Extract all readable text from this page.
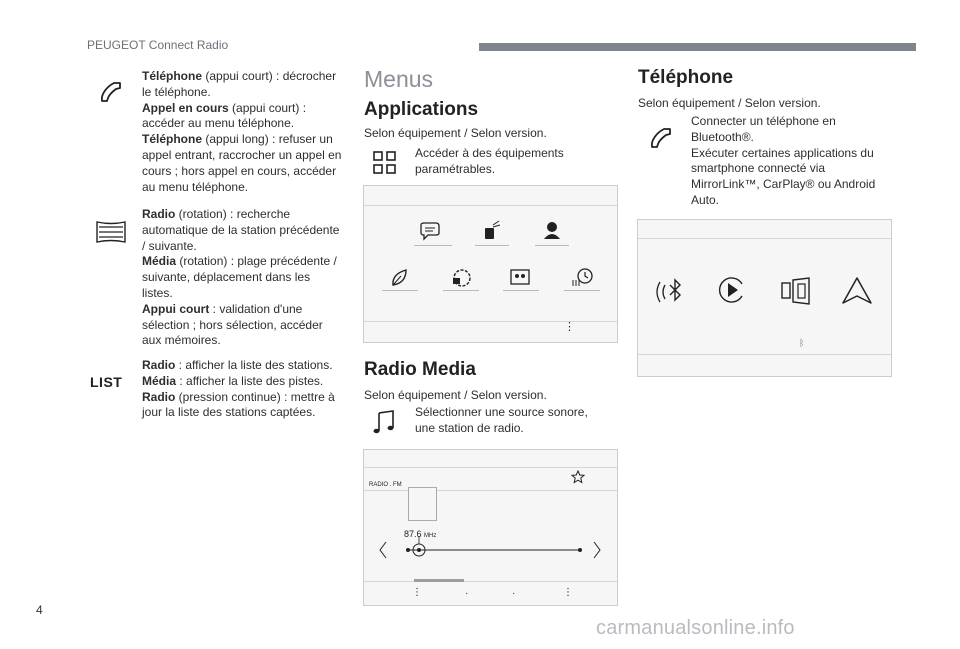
PEUGEOT Connect Radio

Téléphone (appui court) : décrocher le téléphone.

Appel en cours (appui court) : accéder au menu téléphone.

Téléphone (appui long) : refuser un appel entrant, raccrocher un appel en cours ; hors appel en cours, accéder au menu téléphone.

Radio (rotation) : recherche automatique de la station précédente / suivante.

Média (rotation) : plage précédente / suivante, déplacement dans les listes.

Appui court : validation d'une sélection ; hors sélection, accéder aux mémoires.

LIST

Radio : afficher la liste des stations.

Média : afficher la liste des pistes.

Radio (pression continue) : mettre à jour la liste des stations captées.

Menus
Applications
Selon équipement / Selon version.
Accéder à des équipements paramétrables.
⋮
Radio Media
Selon équipement / Selon version.
Sélectionner une source sonore, une station de radio.
RADIO . FM
87.6 MHz
⋮	·	·	⋮
Téléphone
Selon équipement / Selon version.
Connecter un téléphone en Bluetooth®.
Exécuter certaines applications du smartphone connecté via MirrorLink™, CarPlay® ou Android Auto.
ᛒ
4
carmanualsonline.info
